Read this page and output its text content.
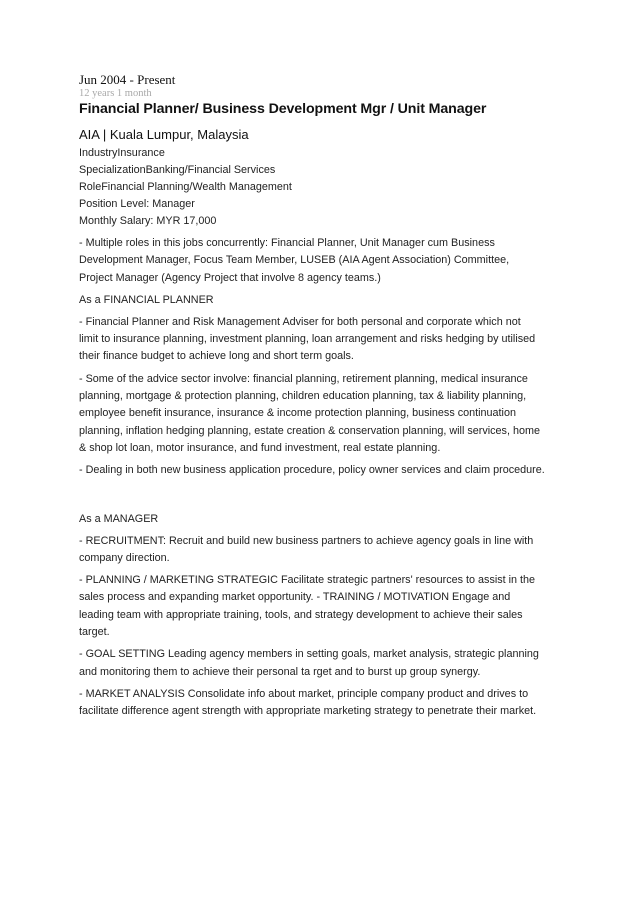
Jun 2004 - Present

12 years 1 month

Financial Planner/ Business Development Mgr / Unit Manager

AIA | Kuala Lumpur, Malaysia

IndustryInsurance

SpecializationBanking/Financial Services

RoleFinancial Planning/Wealth Management

Position Level: Manager

Monthly Salary: MYR 17,000

- Multiple roles in this jobs concurrently: Financial Planner, Unit Manager cum Business
Development Manager, Focus Team Member, LUSEB (AIA Agent Association) Committee,
Project Manager (Agency Project that involve 8 agency teams.)

As a FINANCIAL PLANNER

- Financial Planner and Risk Management Adviser for both personal and corporate which not
limit to insurance planning, investment planning, loan arrangement and risks hedging by utilised
their finance budget to achieve long and short term goals.

- Some of the advice sector involve: financial planning, retirement planning, medical insurance
planning, mortgage & protection planning, children education planning, tax & liability planning,
employee benefit insurance, insurance & income protection planning, business continuation
planning, inflation hedging planning, estate creation & conservation planning, will services, home
& shop lot loan, motor insurance, and fund investment, real estate planning.

- Dealing in both new business application procedure, policy owner services and claim procedure.

As a MANAGER

- RECRUITMENT: Recruit and build new business partners to achieve agency goals in line with
company direction.

- PLANNING / MARKETING STRATEGIC Facilitate strategic partners' resources to assist in the
sales process and expanding market opportunity. - TRAINING / MOTIVATION Engage and
leading team with appropriate training, tools, and strategy development to achieve their sales
target.

- GOAL SETTING Leading agency members in setting goals, market analysis, strategic planning
and monitoring them to achieve their personal ta rget and to burst up group synergy.

- MARKET ANALYSIS Consolidate info about market, principle company product and drives to
facilitate difference agent strength with appropriate marketing strategy to penetrate their market.
